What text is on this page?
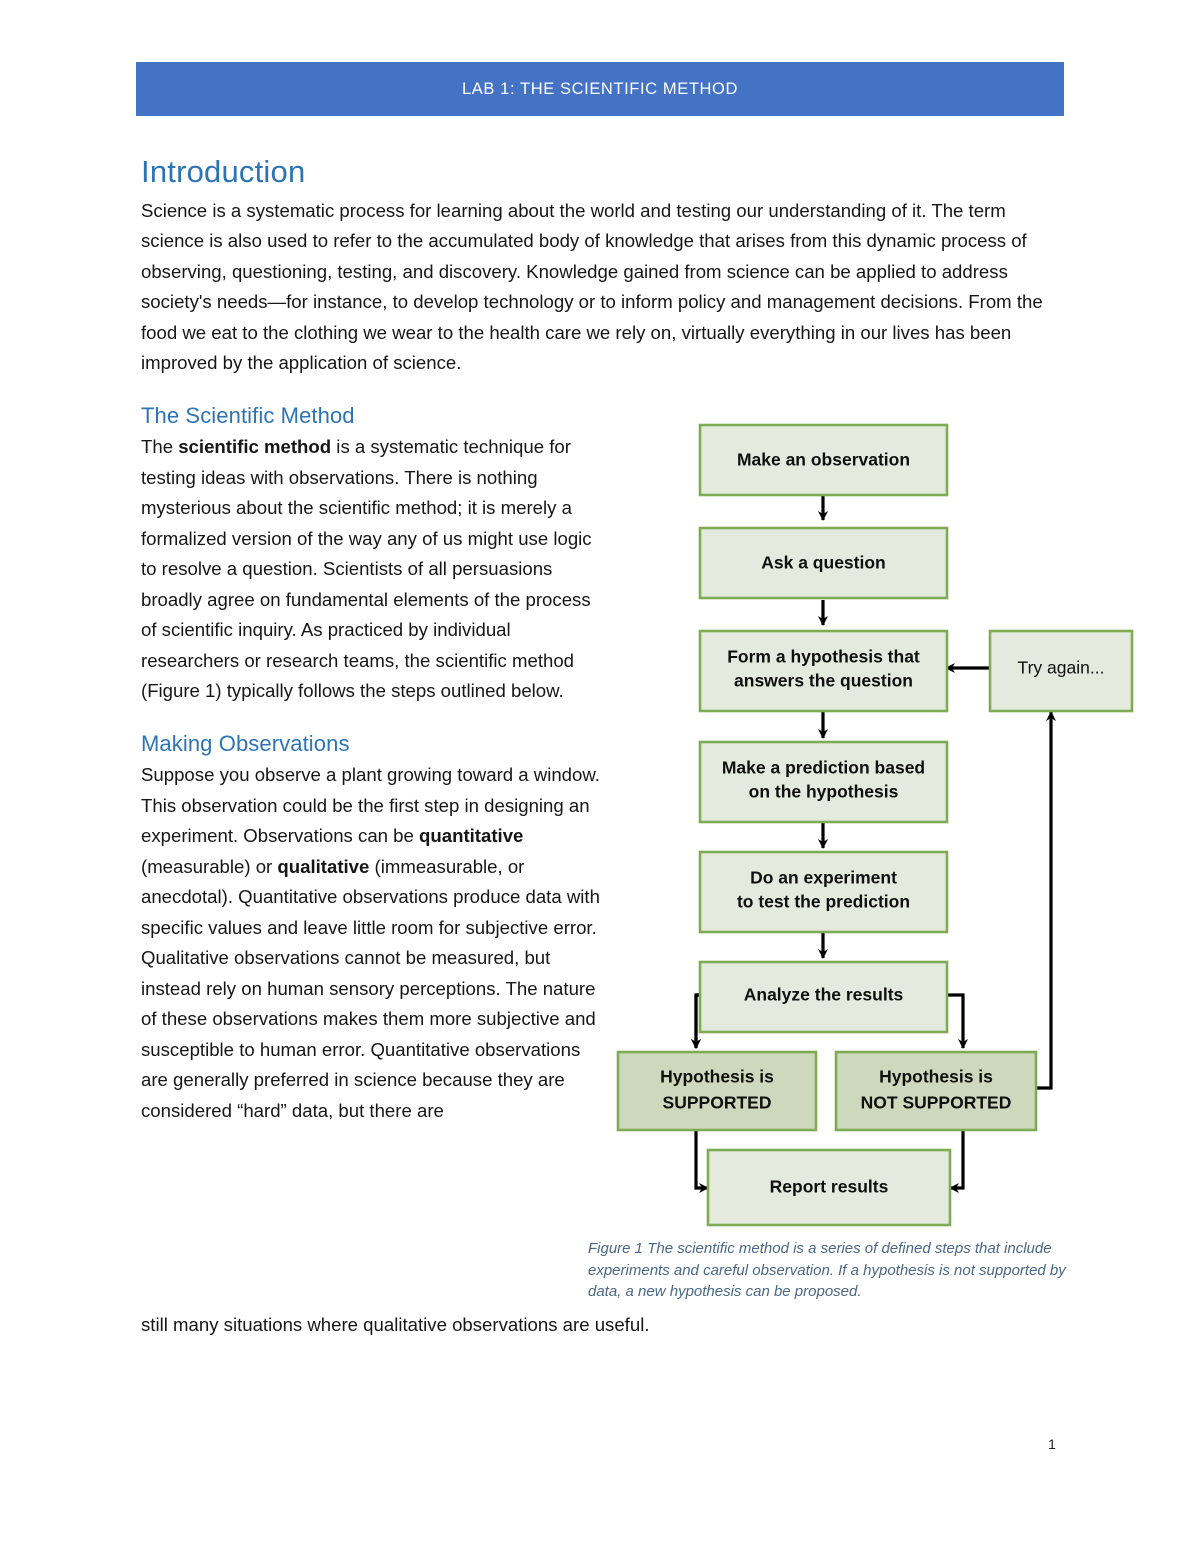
LAB 1: THE SCIENTIFIC METHOD
Introduction

Science is a systematic process for learning about the world and testing our understanding of it. The term science is also used to refer to the accumulated body of knowledge that arises from this dynamic process of observing, questioning, testing, and discovery. Knowledge gained from science can be applied to address society's needs—for instance, to develop technology or to inform policy and management decisions. From the food we eat to the clothing we wear to the health care we rely on, virtually everything in our lives has been improved by the application of science.

The Scientific Method

The scientific method is a systematic technique for testing ideas with observations. There is nothing mysterious about the scientific method; it is merely a formalized version of the way any of us might use logic to resolve a question. Scientists of all persuasions broadly agree on fundamental elements of the process of scientific inquiry. As practiced by individual researchers or research teams, the scientific method (Figure 1) typically follows the steps outlined below.

Making Observations

Suppose you observe a plant growing toward a window. This observation could be the first step in designing an experiment. Observations can be quantitative (measurable) or qualitative (immeasurable, or anecdotal). Quantitative observations produce data with specific values and leave little room for subjective error. Qualitative observations cannot be measured, but instead rely on human sensory perceptions. The nature of these observations makes them more subjective and susceptible to human error. Quantitative observations are generally preferred in science because they are considered “hard” data, but there are

still many situations where qualitative observations are useful.
Make an observation
Ask a question
Form a hypothesis that
answers the question
Try again...
Make a prediction based
on the hypothesis
Do an experiment
to test the prediction
Analyze the results
Hypothesis is
SUPPORTED
Hypothesis is
NOT SUPPORTED
Report results
Figure 1 The scientific method is a series of defined steps that include experiments and careful observation. If a hypothesis is not supported by data, a new hypothesis can be proposed.
1
